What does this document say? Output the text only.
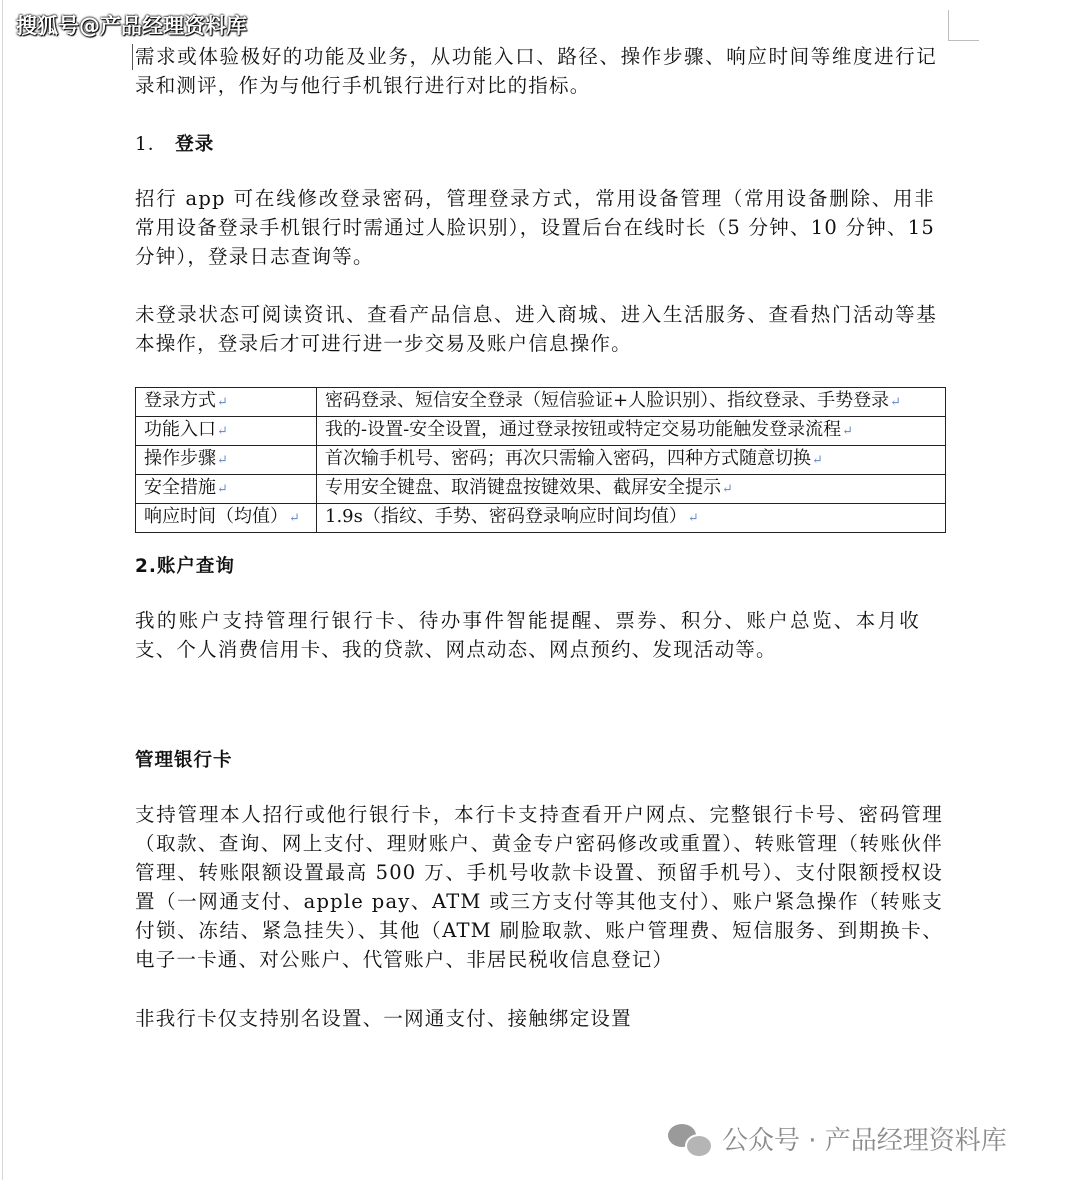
搜狐号@产品经理资料库

需求或体验极好的功能及业务，从功能入口、路径、操作步骤、响应时间等维度进行记录和测评，作为与他行手机银行进行对比的指标。

1． 登录

招行 app 可在线修改登录密码，管理登录方式，常用设备管理（常用设备删除、用非常用设备登录手机银行时需通过人脸识别），设置后台在线时长（5 分钟、10 分钟、15 分钟），登录日志查询等。

未登录状态可阅读资讯、查看产品信息、进入商城、进入生活服务、查看热门活动等基本操作，登录后才可进行进一步交易及账户信息操作。

登录方式↵	密码登录、短信安全登录（短信验证+人脸识别）、指纹登录、手势登录↵
功能入口↵	我的-设置-安全设置，通过登录按钮或特定交易功能触发登录流程↵
操作步骤↵	首次输手机号、密码；再次只需输入密码，四种方式随意切换↵
安全措施↵	专用安全键盘、取消键盘按键效果、截屏安全提示↵
响应时间（均值）↵	1.9s（指纹、手势、密码登录响应时间均值）↵
2.账户查询

我的账户支持管理行银行卡、待办事件智能提醒、票券、积分、账户总览、本月收支、个人消费信用卡、我的贷款、网点动态、网点预约、发现活动等。

管理银行卡

支持管理本人招行或他行银行卡，本行卡支持查看开户网点、完整银行卡号、密码管理（取款、查询、网上支付、理财账户、黄金专户密码修改或重置）、转账管理（转账伙伴管理、转账限额设置最高 500 万、手机号收款卡设置、预留手机号）、支付限额授权设置（一网通支付、apple pay、ATM 或三方支付等其他支付）、账户紧急操作（转账支付锁、冻结、紧急挂失）、其他（ATM 刷脸取款、账户管理费、短信服务、到期换卡、电子一卡通、对公账户、代管账户、非居民税收信息登记）

非我行卡仅支持别名设置、一网通支付、接触绑定设置

公众号 · 产品经理资料库
